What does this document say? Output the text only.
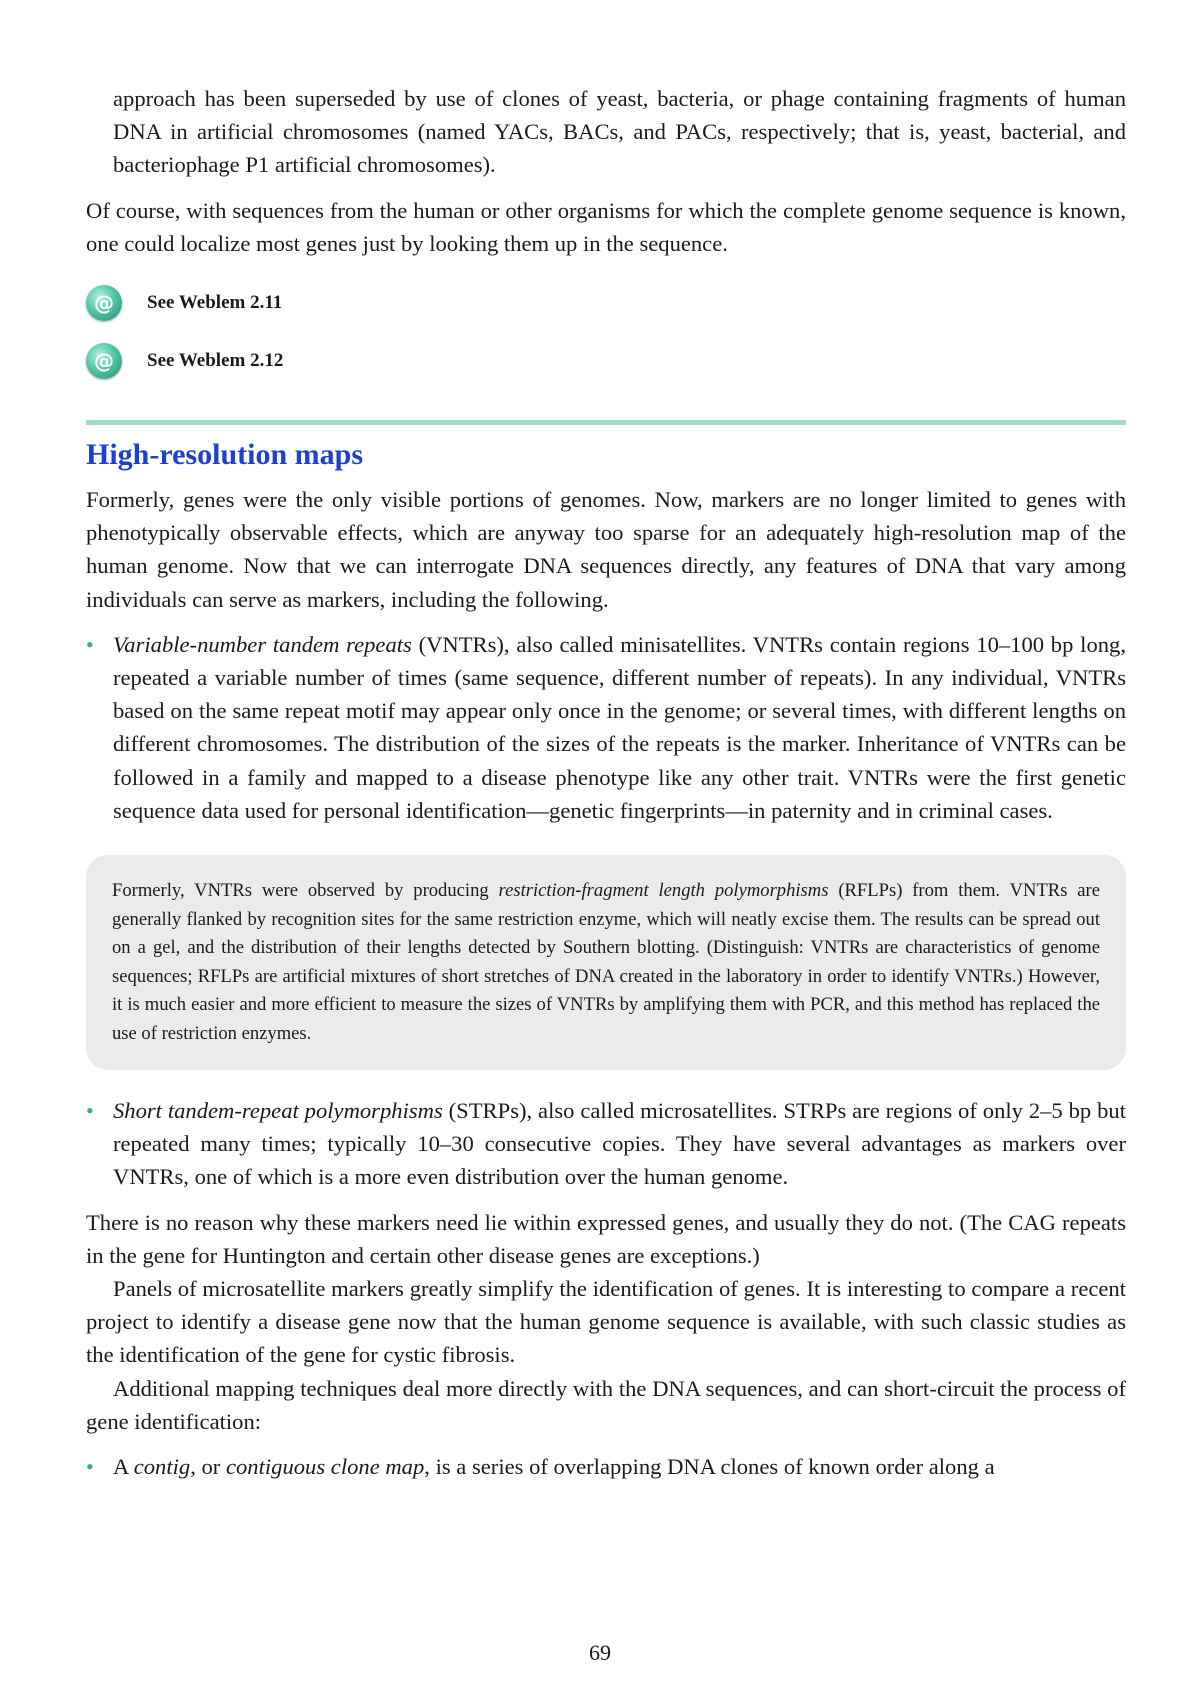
approach has been superseded by use of clones of yeast, bacteria, or phage containing fragments of human DNA in artificial chromosomes (named YACs, BACs, and PACs, respectively; that is, yeast, bacterial, and bacteriophage P1 artificial chromosomes).

Of course, with sequences from the human or other organisms for which the complete genome sequence is known, one could localize most genes just by looking them up in the sequence.

@	See Weblem 2.11
@	See Weblem 2.12
High-resolution maps

Formerly, genes were the only visible portions of genomes. Now, markers are no longer limited to genes with phenotypically observable effects, which are anyway too sparse for an adequately high-resolution map of the human genome. Now that we can interrogate DNA sequences directly, any features of DNA that vary among individuals can serve as markers, including the following.

• Variable-number tandem repeats (VNTRs), also called minisatellites. VNTRs contain regions 10–100 bp long, repeated a variable number of times (same sequence, different number of repeats). In any individual, VNTRs based on the same repeat motif may appear only once in the genome; or several times, with different lengths on different chromosomes. The distribution of the sizes of the repeats is the marker. Inheritance of VNTRs can be followed in a family and mapped to a disease phenotype like any other trait. VNTRs were the first genetic sequence data used for personal identification—genetic fingerprints—in paternity and in criminal cases.

Formerly, VNTRs were observed by producing restriction-fragment length polymorphisms (RFLPs) from them. VNTRs are generally flanked by recognition sites for the same restriction enzyme, which will neatly excise them. The results can be spread out on a gel, and the distribution of their lengths detected by Southern blotting. (Distinguish: VNTRs are characteristics of genome sequences; RFLPs are artificial mixtures of short stretches of DNA created in the laboratory in order to identify VNTRs.) However, it is much easier and more efficient to measure the sizes of VNTRs by amplifying them with PCR, and this method has replaced the use of restriction enzymes.

• Short tandem-repeat polymorphisms (STRPs), also called microsatellites. STRPs are regions of only 2–5 bp but repeated many times; typically 10–30 consecutive copies. They have several advantages as markers over VNTRs, one of which is a more even distribution over the human genome.

There is no reason why these markers need lie within expressed genes, and usually they do not. (The CAG repeats in the gene for Huntington and certain other disease genes are exceptions.)

Panels of microsatellite markers greatly simplify the identification of genes. It is interesting to compare a recent project to identify a disease gene now that the human genome sequence is available, with such classic studies as the identification of the gene for cystic fibrosis.

Additional mapping techniques deal more directly with the DNA sequences, and can short-circuit the process of gene identification:

• A contig, or contiguous clone map, is a series of overlapping DNA clones of known order along a

69
